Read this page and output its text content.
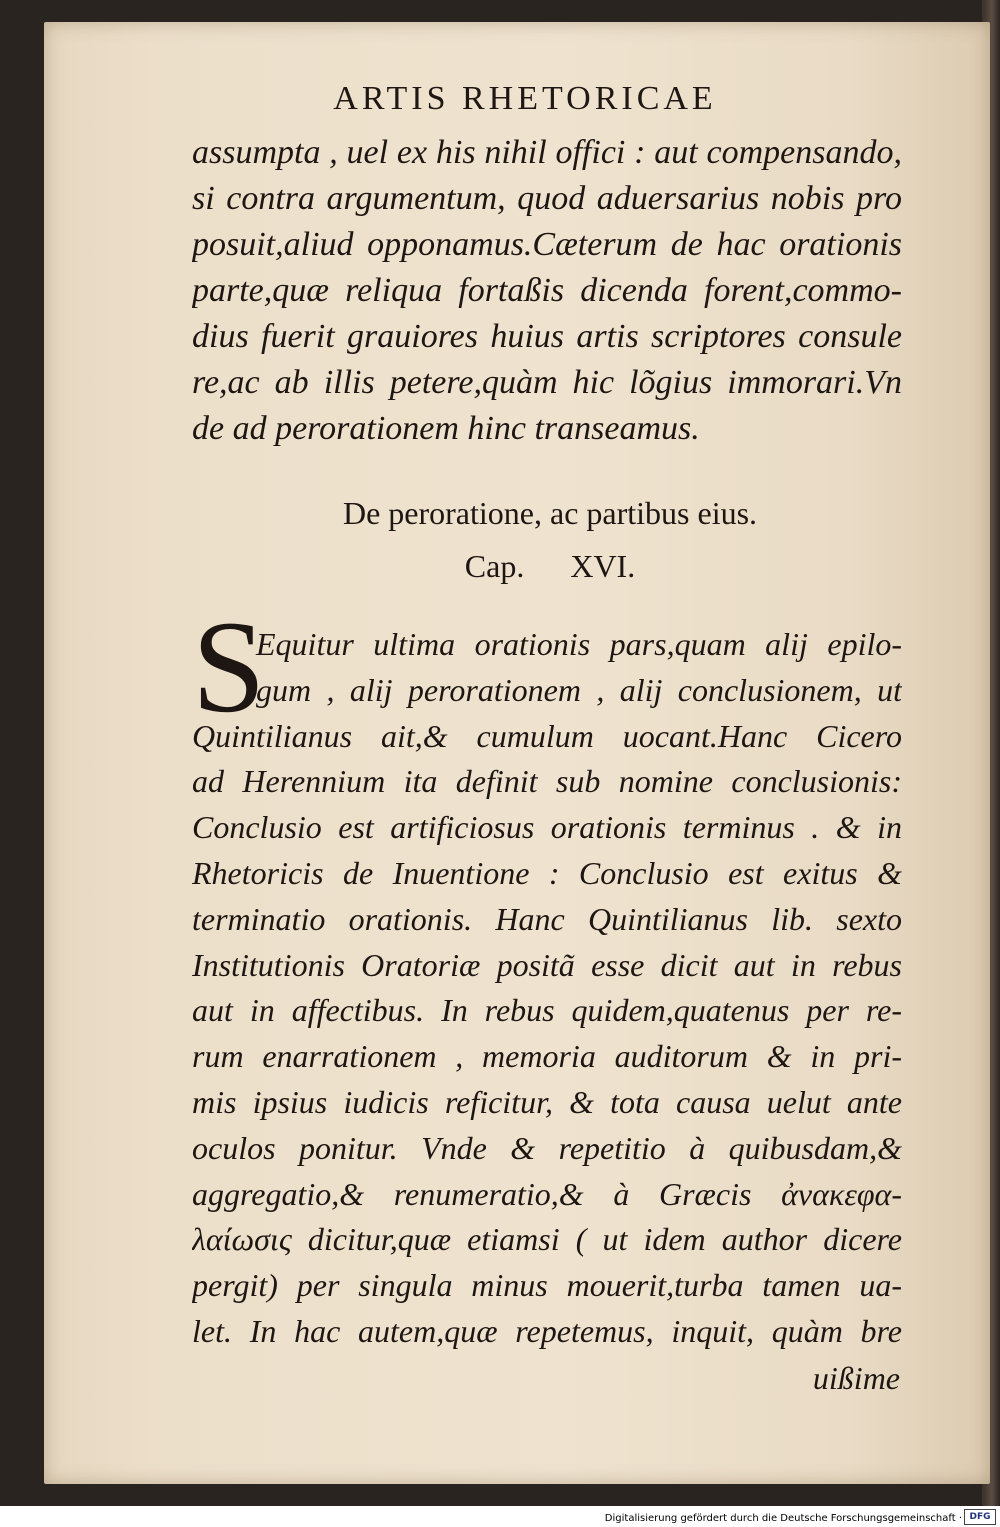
ARTIS RHETORICAE
assumpta , uel ex his nihil offici : aut compensando,
si contra argumentum, quod aduersarius nobis pro
posuit,aliud opponamus.Cæterum de hac orationis
parte,quæ reliqua fortaßis dicenda forent,commo-
dius fuerit grauiores huius artis scriptores consule
re,ac ab illis petere,quàm hic lõgius immorari.Vn
de ad perorationem hinc transeamus.
De peroratione, ac partibus eius.
Cap. XVI.
S
Equitur ultima orationis pars,quam alij epilo-
gum , alij perorationem , alij conclusionem, ut
Quintilianus ait,& cumulum uocant.Hanc Cicero
ad Herennium ita definit sub nomine conclusionis:
Conclusio est artificiosus orationis terminus . & in
Rhetoricis de Inuentione : Conclusio est exitus &
terminatio orationis. Hanc Quintilianus lib. sexto
Institutionis Oratoriæ positã esse dicit aut in rebus
aut in affectibus. In rebus quidem,quatenus per re-
rum enarrationem , memoria auditorum & in pri-
mis ipsius iudicis reficitur, & tota causa uelut ante
oculos ponitur. Vnde & repetitio à quibusdam,&
aggregatio,& renumeratio,& à Græcis ἀνακεφα-
λαίωσις dicitur,quæ etiamsi ( ut idem author dicere
pergit) per singula minus mouerit,turba tamen ua-
let. In hac autem,quæ repetemus, inquit, quàm bre
uißime
Digitalisierung gefördert durch die Deutsche Forschungsgemeinschaft · DFG
